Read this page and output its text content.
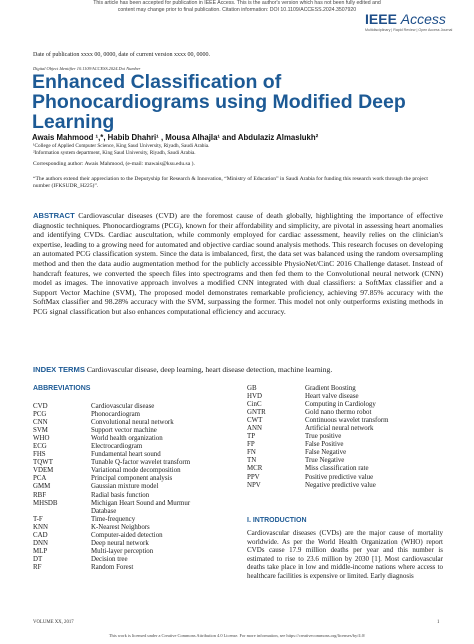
This article has been accepted for publication in IEEE Access. This is the author's version which has not been fully edited and
content may change prior to final publication. Citation information: DOI 10.1109/ACCESS.2024.3507920
IEEE Access
Multidisciplinary | Rapid Review | Open Access Journal
Date of publication xxxx 00, 0000, date of current version xxxx 00, 0000.
Digital Object Identifier 10.1109/ACCESS.2024.Doi Number
Enhanced Classification of
Phonocardiograms using Modified Deep
Learning
Awais Mahmood ¹,*, Habib Dhahri¹ , Mousa Alhajla¹ and Abdulaziz Almaslukh²
¹College of Applied Computer Science, King Saud University, Riyadh, Saudi Arabia.
²Information system department, King Saud University, Riyadh, Saudi Arabia.
Corresponding author: Awais Mahmood, (e-mail: mawais@ksu.edu.sa ).
“The authors extend their appreciation to the Deputyship for Research & Innovation, “Ministry of Education” in Saudi Arabia for funding this research work through the project number (IFKSUDR_H225)”.
ABSTRACT Cardiovascular diseases (CVD) are the foremost cause of death globally, highlighting the importance of effective diagnostic techniques. Phonocardiograms (PCG), known for their affordability and simplicity, are pivotal in assessing heart anomalies and identifying CVDs. Cardiac auscultation, while commonly employed for cardiac assessment, heavily relies on the clinician's expertise, leading to a growing need for automated and objective cardiac sound analysis methods. This research focuses on developing an automated PCG classification system. Since the data is imbalanced, first, the data set was balanced using the random oversampling method and then the data audio augmentation method for the publicly accessible PhysioNet/CinC 2016 Challenge dataset. Instead of handcraft features, we converted the speech files into spectrograms and then fed them to the Convolutional neural network (CNN) model as images. The innovative approach involves a modified CNN integrated with dual classifiers: a SoftMax classifier and a Support Vector Machine (SVM), The proposed model demonstrates remarkable proficiency, achieving 97.85% accuracy with the SoftMax classifier and 98.28% accuracy with the SVM, surpassing the former. This model not only outperforms existing methods in PCG signal classification but also enhances computational efficiency and accuracy.
INDEX TERMS Cardiovascular disease, deep learning, heart disease detection, machine learning.
ABBREVIATIONS
CVD	Cardiovascular disease
PCG	Phonocardiogram
CNN	Convolutional neural network
SVM	Support vector machine
WHO	World health organization
ECG	Electrocardiogram
FHS	Fundamental heart sound
TQWT	Tunable Q-factor wavelet transform
VDEM	Variational mode decomposition
PCA	Principal component analysis
GMM	Gaussian mixture model
RBF	Radial basis function
MHSDB	Michigan Heart Sound and Murmur
Database
T-F	Time-frequency
KNN	K-Nearest Neighbors
CAD	Computer-aided detection
DNN	Deep neural network
MLP	Multi-layer perception
DT	Decision tree
RF	Random Forest
GB	Gradient Boosting
HVD	Heart valve disease
CinC	Computing in Cardiology
GNTR	Gold nano thermo robot
CWT	Continuous wavelet transform
ANN	Artificial neural network
TP	True positive
FP	False Positive
FN	False Negative
TN	True Negative
MCR	Miss classification rate
PPV	Positive predictive value
NPV	Negative predictive value
I. INTRODUCTION
Cardiovascular diseases (CVDs) are the major cause of mortality worldwide. As per the World Health Organization (WHO) report CVDs cause 17.9 million deaths per year and this number is estimated to rise to 23.6 million by 2030 [1]. Most cardiovascular deaths take place in low and middle-income nations where access to healthcare facilities is expensive or limited. Early diagnosis
VOLUME XX, 2017	1
This work is licensed under a Creative Commons Attribution 4.0 License. For more information, see https://creativecommons.org/licenses/by/4.0/
